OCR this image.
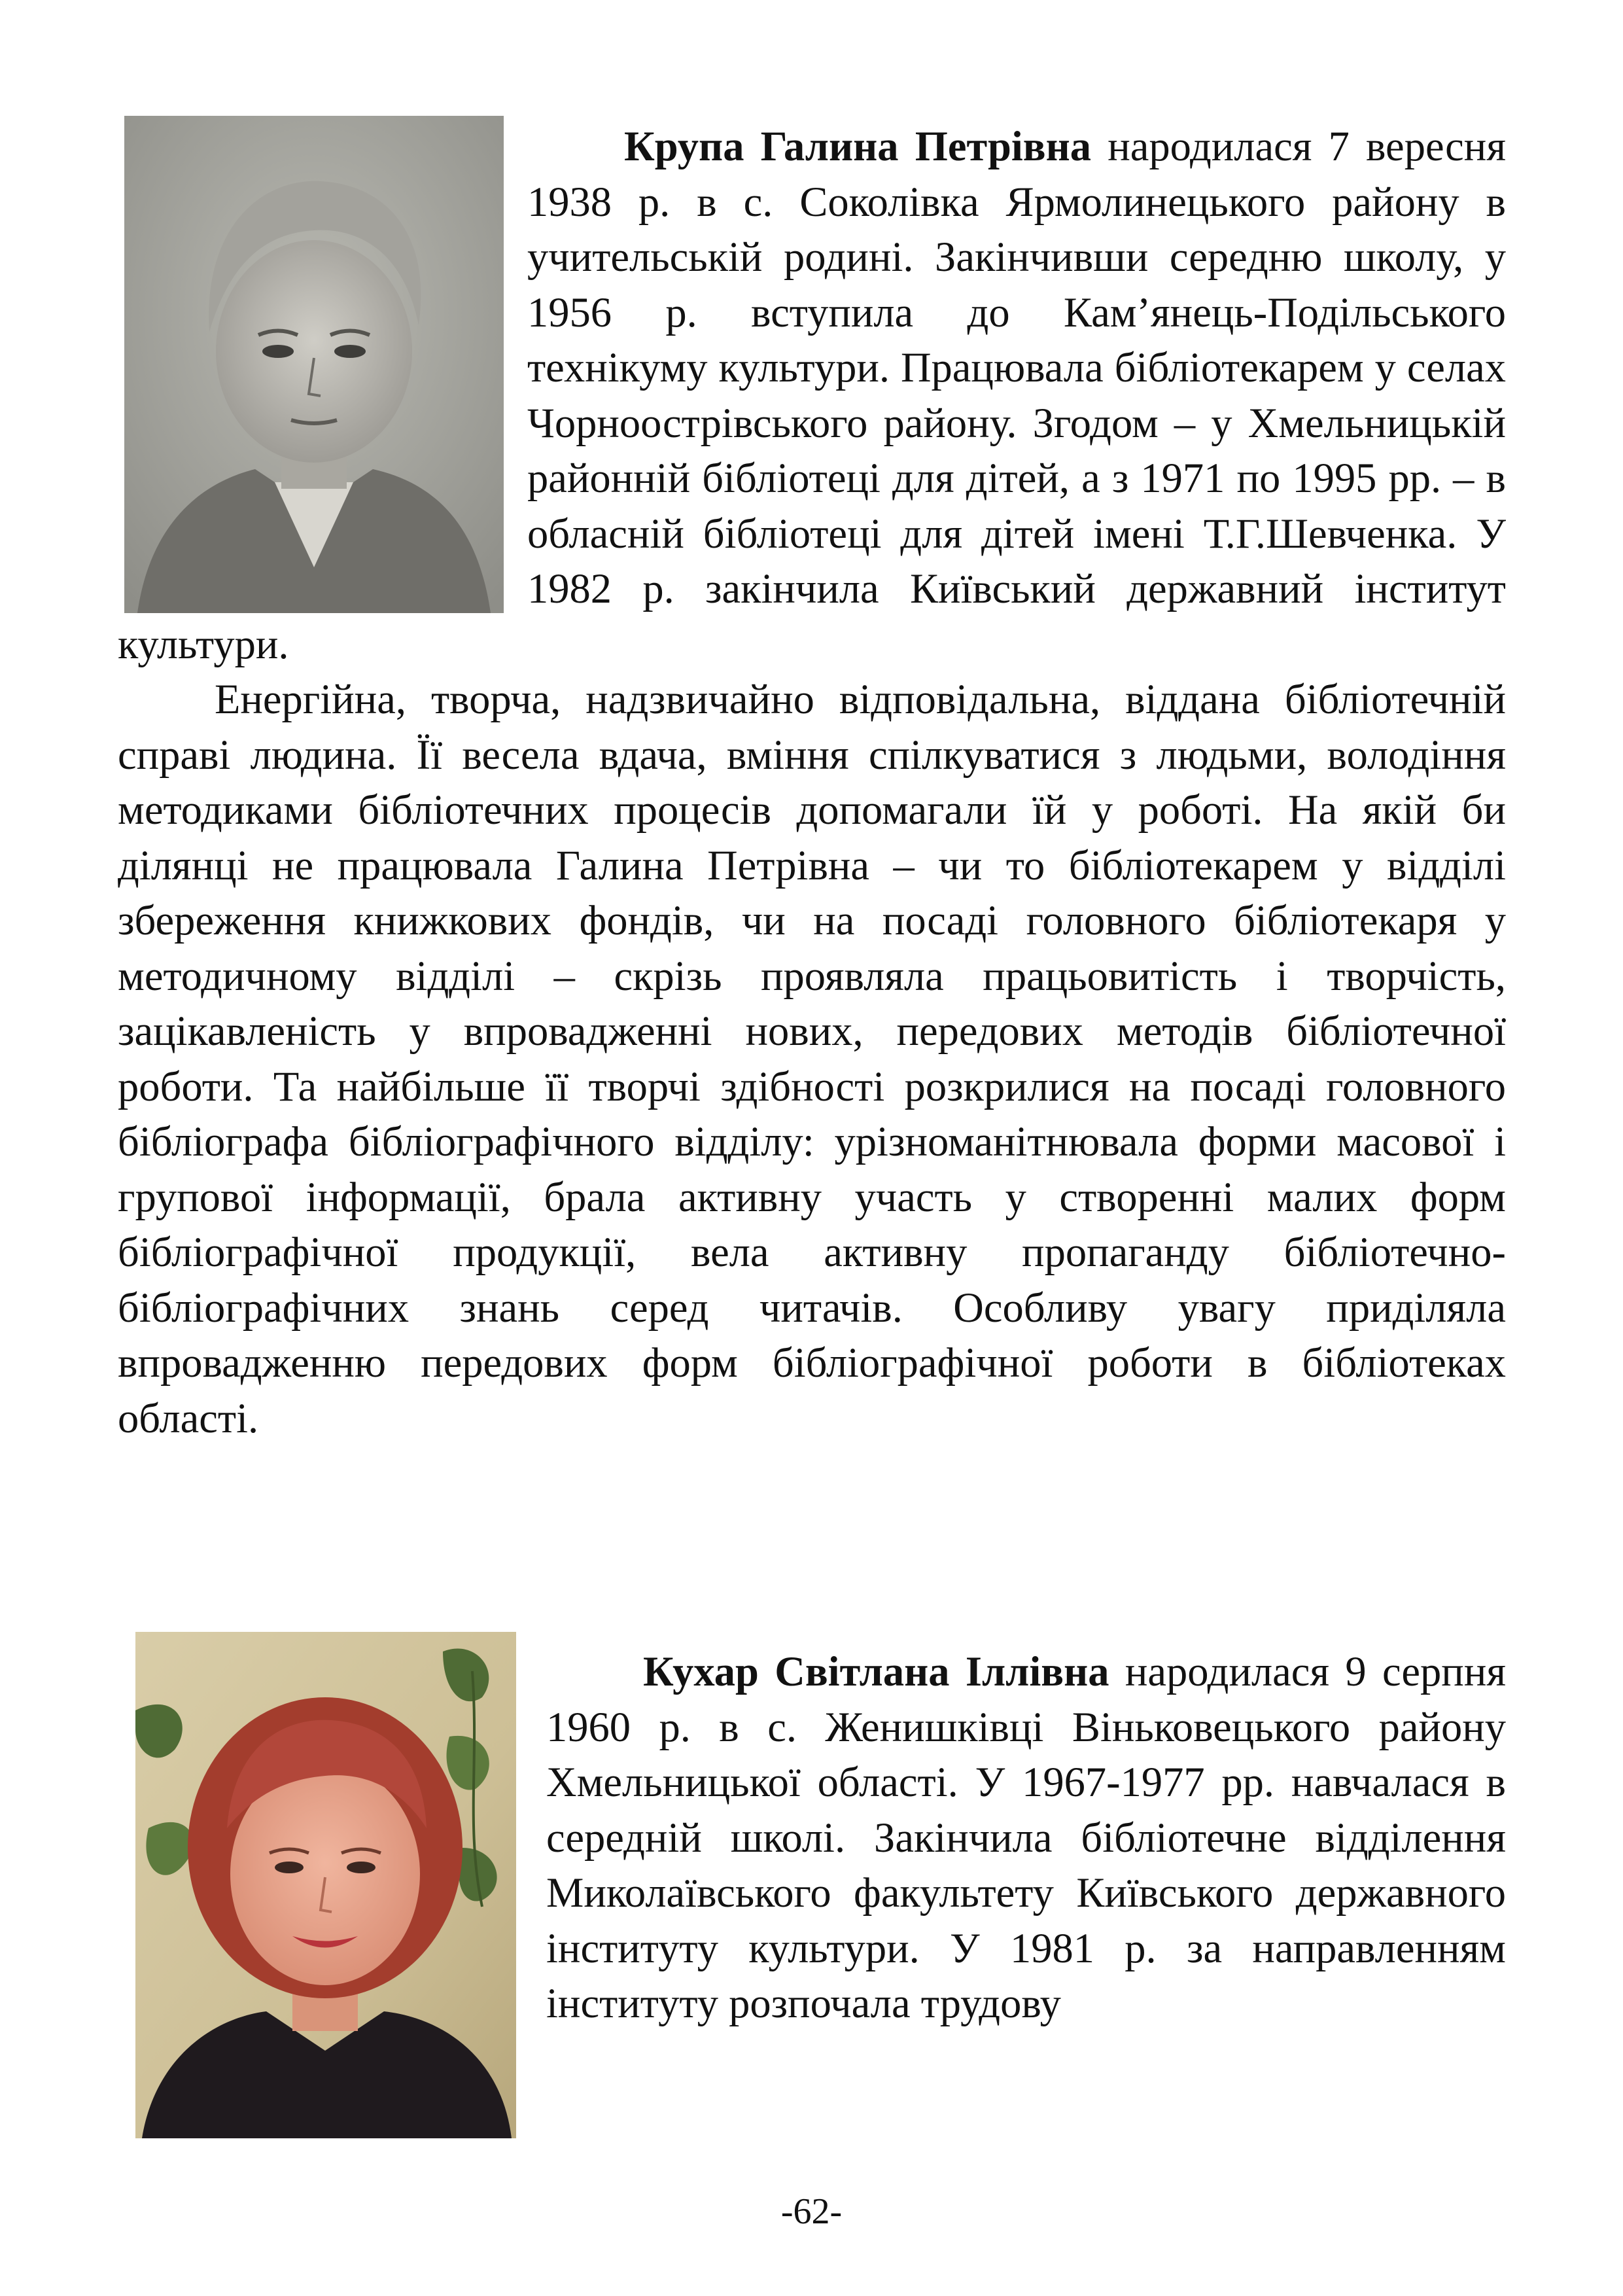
Крупа Галина Петрівна народилася 7 вересня 1938 р. в с. Соколівка Ярмолинецького району в учительській родині. Закінчивши середню школу, у 1956 р. вступила до Кам’янець-Подільського технікуму культури. Працювала бібліотекарем у селах Чорноострівського району. Згодом – у Хмельницькій районній бібліотеці для дітей, а з 1971 по 1995 рр. – в обласній бібліотеці для дітей імені Т.Г.Шевченка. У 1982 р. закінчила Київський державний інститут культури.

Енергійна, творча, надзвичайно відповідальна, віддана бібліотечній справі людина. Її весела вдача, вміння спілкуватися з людьми, володіння методиками бібліотечних процесів допомагали їй у роботі. На якій би ділянці не працювала Галина Петрівна – чи то бібліотекарем у відділі збереження книжкових фондів, чи на посаді головного бібліотекаря у методичному відділі – скрізь проявляла працьовитість і творчість, зацікавленість у впровадженні нових, передових методів бібліотечної роботи. Та найбільше її творчі здібності розкрилися на посаді головного бібліографа бібліографічного відділу: урізноманітнювала форми масової і групової інформації, брала активну участь у створенні малих форм бібліографічної продукції, вела активну пропаганду бібліотечно-бібліографічних знань серед читачів. Особливу увагу приділяла впровадженню передових форм бібліографічної роботи в бібліотеках області.

Кухар Світлана Іллівна народилася 9 серпня 1960 р. в с. Женишківці Віньковецького району Хмельницької області. У 1967-1977 рр. навчалася в середній школі. Закінчила бібліотечне відділення Миколаївського факультету Київського державного інституту культури. У 1981 р. за направленням інституту розпочала трудову

-62-
